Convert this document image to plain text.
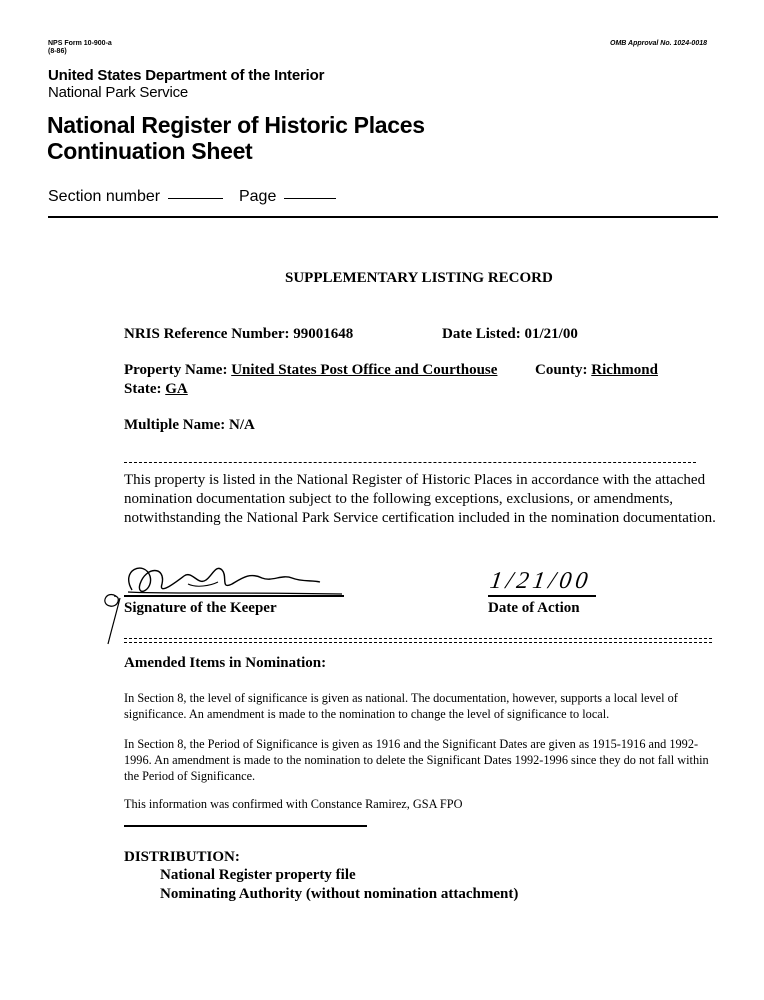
NPS Form 10-900-a
(8-86)
OMB Approval No. 1024-0018
United States Department of the Interior
National Park Service
National Register of Historic Places
Continuation Sheet
Section number	Page
SUPPLEMENTARY LISTING RECORD
NRIS Reference Number: 99001648	Date Listed: 01/21/00
Property Name: United States Post Office and Courthouse	County: Richmond
State: GA
Multiple Name: N/A
This property is listed in the National Register of Historic Places in accordance with the attached nomination documentation subject to the following exceptions, exclusions, or amendments, notwithstanding the National Park Service certification included in the nomination documentation.
Signature of the Keeper
1/21/00
Date of Action
Amended Items in Nomination:
In Section 8, the level of significance is given as national. The documentation, however, supports a local level of significance. An amendment is made to the nomination to change the level of significance to local.
In Section 8, the Period of Significance is given as 1916 and the Significant Dates are given as 1915-1916 and 1992-1996. An amendment is made to the nomination to delete the Significant Dates 1992-1996 since they do not fall within the Period of Significance.
This information was confirmed with Constance Ramirez, GSA FPO
DISTRIBUTION:
National Register property file
Nominating Authority (without nomination attachment)
